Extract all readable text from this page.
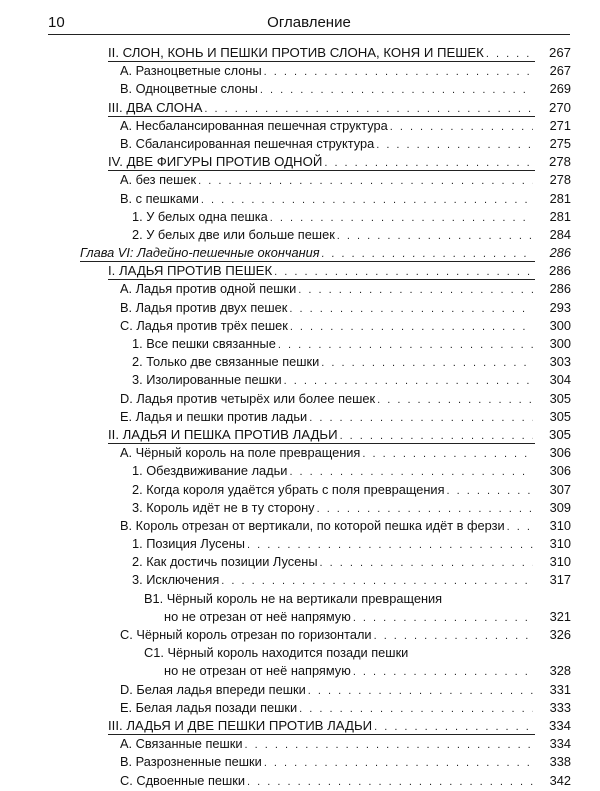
10	Оглавление
II. СЛОН, КОНЬ И ПЕШКИ ПРОТИВ СЛОНА, КОНЯ И ПЕШЕК . . .	267
A. Разноцветные слоны . . .	267
B. Одноцветные слоны . . .	269
III. ДВА СЛОНА . . .	270
A. Несбалансированная пешечная структура . . .	271
B. Сбалансированная пешечная структура . . .	275
IV. ДВЕ ФИГУРЫ ПРОТИВ ОДНОЙ . . .	278
A. без пешек . . .	278
B. с пешками . . .	281
1. У белых одна пешка . . .	281
2. У белых две или больше пешек . . .	284
Глава VI: Ладейно-пешечные окончания . . .	286
I. ЛАДЬЯ ПРОТИВ ПЕШЕК . . .	286
A. Ладья против одной пешки . . .	286
B. Ладья против двух пешек . . .	293
C. Ладья против трёх пешек . . .	300
1. Все пешки связанные . . .	300
2. Только две связанные пешки . . .	303
3. Изолированные пешки . . .	304
D. Ладья против четырёх или более пешек . . .	305
E. Ладья и пешки против ладьи . . .	305
II. ЛАДЬЯ И ПЕШКА ПРОТИВ ЛАДЬИ . . .	305
A. Чёрный король на поле превращения . . .	306
1. Обездвиживание ладьи . . .	306
2. Когда короля удаётся убрать с поля превращения . . .	307
3. Король идёт не в ту сторону . . .	309
B. Король отрезан от вертикали, по которой пешка идёт в ферзи . . .	310
1. Позиция Лусены . . .	310
2. Как достичь позиции Лусены . . .	310
3. Исключения . . .	317
B1. Чёрный король не на вертикали превращения
но не отрезан от неё напрямую . . .	321
C. Чёрный король отрезан по горизонтали . . .	326
C1. Чёрный король находится позади пешки
но не отрезан от неё напрямую . . .	328
D. Белая ладья впереди пешки . . .	331
E. Белая ладья позади пешки . . .	333
III. ЛАДЬЯ И ДВЕ ПЕШКИ ПРОТИВ ЛАДЬИ . . .	334
A. Связанные пешки . . .	334
B. Разрозненные пешки . . .	338
C. Сдвоенные пешки . . .	342
